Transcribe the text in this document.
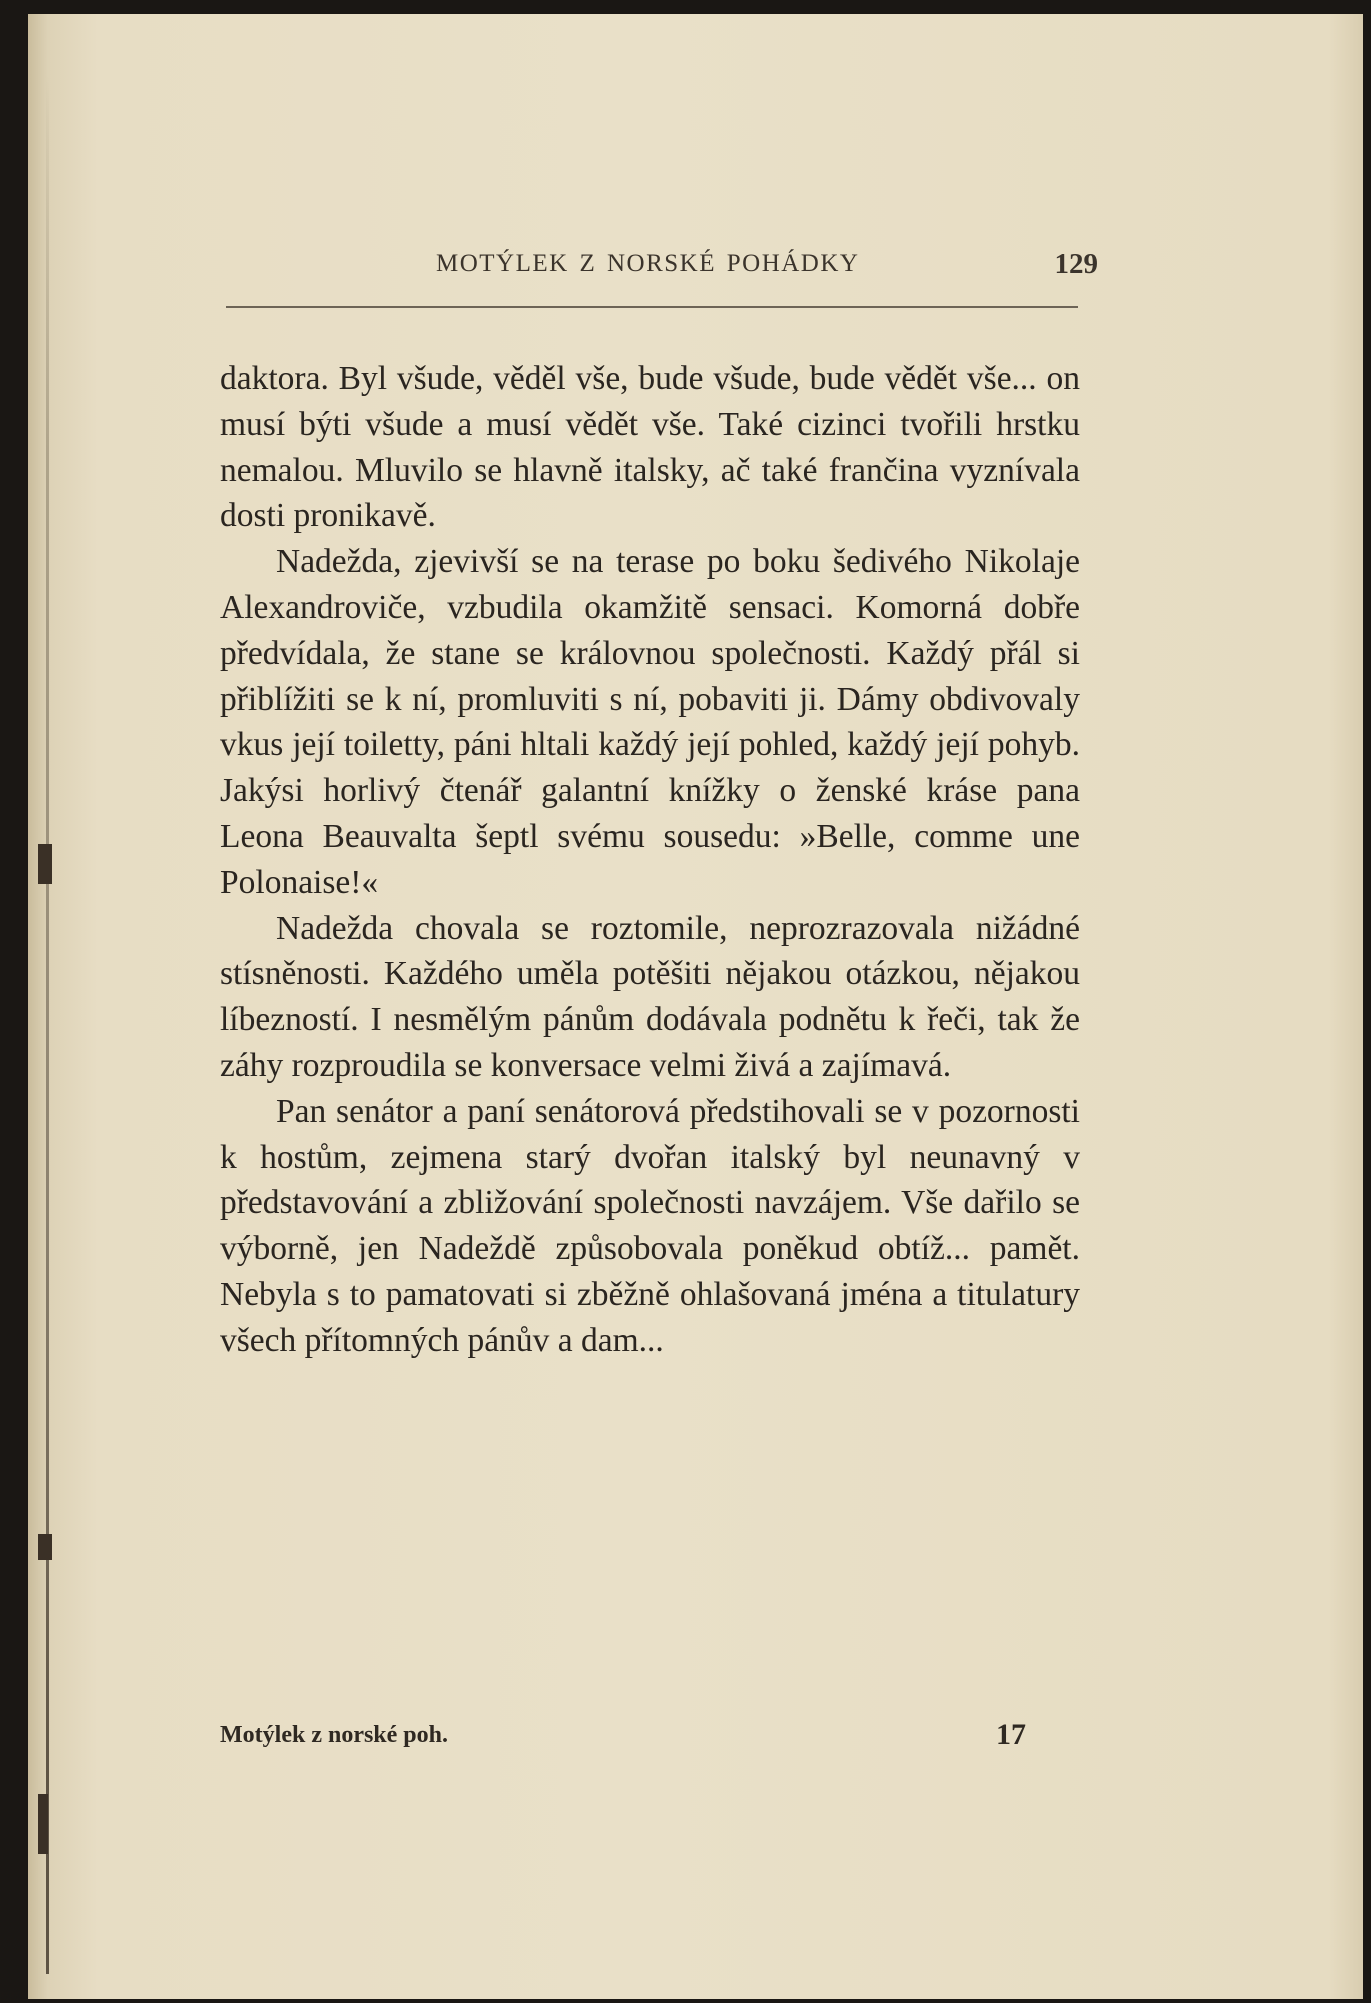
MOTÝLEK Z NORSKÉ POHÁDKY	129

daktora. Byl všude, věděl vše, bude všude, bude vědět vše... on musí býti všude a musí vědět vše. Také cizinci tvořili hrstku nemalou. Mluvilo se hlavně italsky, ač také frančina vyznívala dosti pronikavě.

Nadežda, zjevivší se na terase po boku šedivého Nikolaje Alexandroviče, vzbudila okamžitě sensaci. Komorná dobře předvídala, že stane se královnou společnosti. Každý přál si přiblížiti se k ní, promluviti s ní, pobaviti ji. Dámy obdivovaly vkus její toiletty, páni hltali každý její pohled, každý její pohyb. Jakýsi horlivý čtenář galantní knížky o ženské kráse pana Leona Beauvalta šeptl svému sousedu: »Belle, comme une Polonaise!«

Nadežda chovala se roztomile, neprozrazovala nižádné stísněnosti. Každého uměla potěšiti nějakou otázkou, nějakou líbezností. I nesmělým pánům dodávala podnětu k řeči, tak že záhy rozproudila se konversace velmi živá a zajímavá.

Pan senátor a paní senátorová předstihovali se v pozornosti k hostům, zejmena starý dvořan italský byl neunavný v představování a zbližování společnosti navzájem. Vše dařilo se výborně, jen Nadeždě způsobovala poněkud obtíž... pamět. Nebyla s to pamatovati si zběžně ohlašovaná jména a titulatury všech přítomných pánův a dam...

Motýlek z norské poh.	17
